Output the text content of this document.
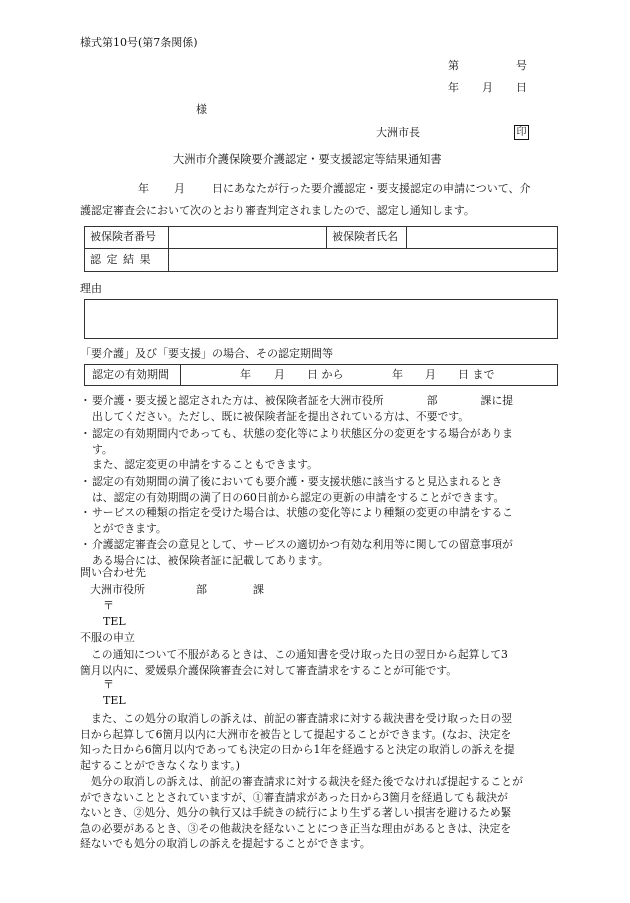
様式第10号(第7条関係)
第	号
年 月 日
様
大洲市長	印
大洲市介護保険要介護認定・要支援認定等結果通知書
年 月 日にあなたが行った要介護認定・要支援認定の申請について、介
護認定審査会において次のとおり審査判定されましたので、認定し通知します。
被保険者番号	被保険者氏名
認 定 結 果
理由
「要介護」及び「要支援」の場合、その認定期間等
認定の有効期間	年 月 日 から	年 月 日 まで
・ 要介護・要支援と認定された方は、被保険者証を大洲市役所　　　　部　　　　課に提
出してください。ただし、既に被保険者証を提出されている方は、不要です。
・ 認定の有効期間内であっても、状態の変化等により状態区分の変更をする場合がありま
す。
また、認定変更の申請をすることもできます。
・ 認定の有効期間の満了後においても要介護・要支援状態に該当すると見込まれるとき
は、認定の有効期間の満了日の60日前から認定の更新の申請をすることができます。
・ サービスの種類の指定を受けた場合は、状態の変化等により種類の変更の申請をするこ
とができます。
・ 介護認定審査会の意見として、サービスの適切かつ有効な利用等に関しての留意事項が
ある場合には、被保険者証に記載してあります。
問い合わせ先
大洲市役所	部	課
〒
TEL
不服の申立
この通知について不服があるときは、この通知書を受け取った日の翌日から起算して3
箇月以内に、愛媛県介護保険審査会に対して審査請求をすることが可能です。
〒
TEL
また、この処分の取消しの訴えは、前記の審査請求に対する裁決書を受け取った日の翌
日から起算して6箇月以内に大洲市を被告として提起することができます。(なお、決定を
知った日から6箇月以内であっても決定の日から1年を経過すると決定の取消しの訴えを提
起することができなくなります。)
処分の取消しの訴えは、前記の審査請求に対する裁決を経た後でなければ提起することが
ができないこととされていますが、①審査請求があった日から3箇月を経過しても裁決が
ないとき、②処分、処分の執行又は手続きの続行により生ずる著しい損害を避けるため緊
急の必要があるとき、③その他裁決を経ないことにつき正当な理由があるときは、決定を
経ないでも処分の取消しの訴えを提起することができます。
